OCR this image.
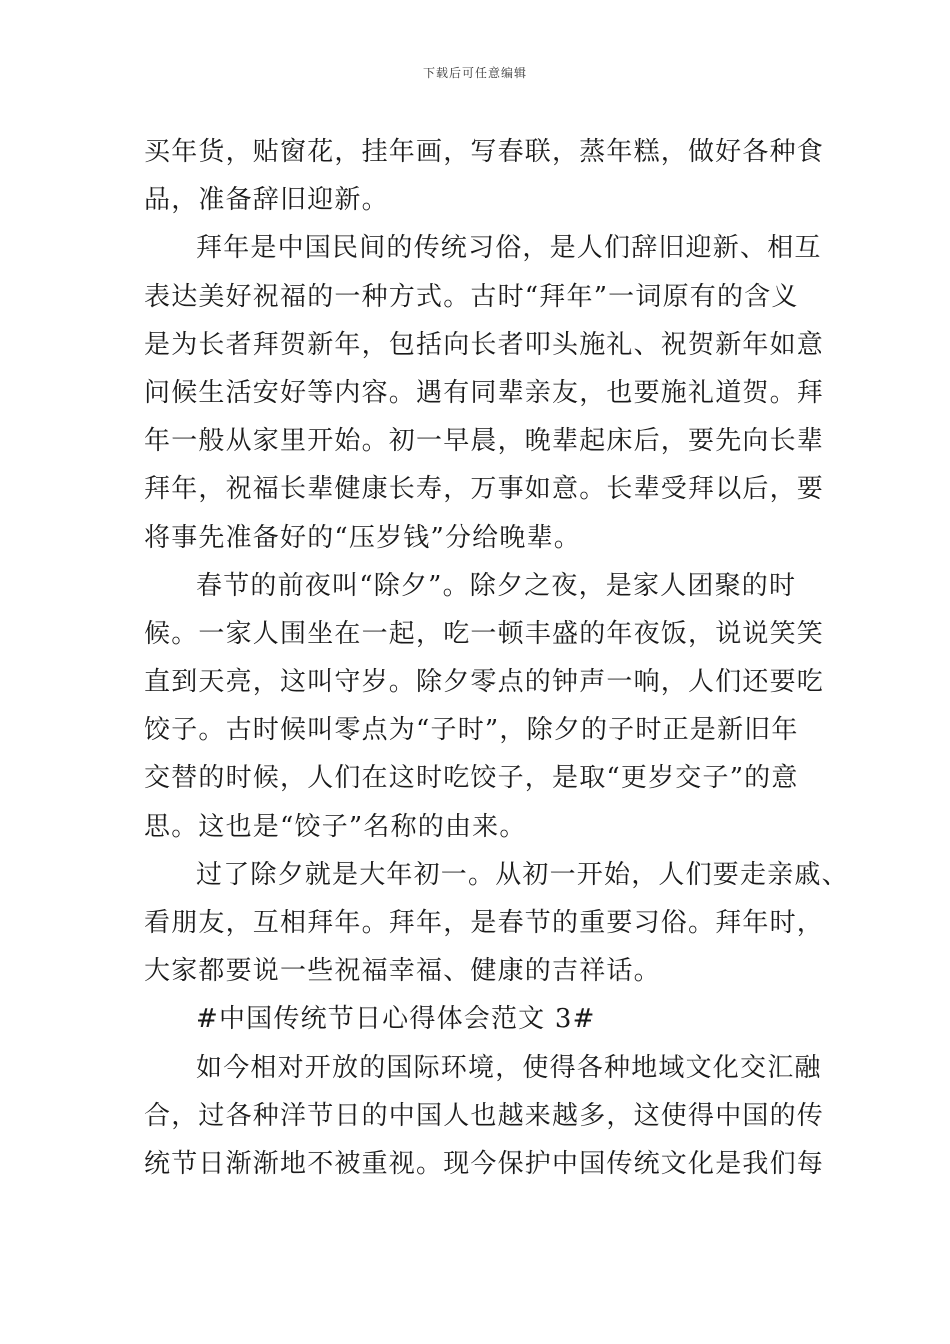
下载后可任意编辑
买年货，贴窗花，挂年画，写春联，蒸年糕，做好各种食
品，准备辞旧迎新。
拜年是中国民间的传统习俗，是人们辞旧迎新、相互
表达美好祝福的一种方式。古时“拜年”一词原有的含义
是为长者拜贺新年，包括向长者叩头施礼、祝贺新年如意
问候生活安好等内容。遇有同辈亲友，也要施礼道贺。拜
年一般从家里开始。初一早晨，晚辈起床后，要先向长辈
拜年，祝福长辈健康长寿，万事如意。长辈受拜以后，要
将事先准备好的“压岁钱”分给晚辈。
春节的前夜叫“除夕”。除夕之夜，是家人团聚的时
候。一家人围坐在一起，吃一顿丰盛的年夜饭，说说笑笑
直到天亮，这叫守岁。除夕零点的钟声一响，人们还要吃
饺子。古时候叫零点为“子时”，除夕的子时正是新旧年
交替的时候，人们在这时吃饺子，是取“更岁交子”的意
思。这也是“饺子”名称的由来。
过了除夕就是大年初一。从初一开始，人们要走亲戚、
看朋友，互相拜年。拜年，是春节的重要习俗。拜年时，
大家都要说一些祝福幸福、健康的吉祥话。
#中国传统节日心得体会范文 3#
如今相对开放的国际环境，使得各种地域文化交汇融
合，过各种洋节日的中国人也越来越多，这使得中国的传
统节日渐渐地不被重视。现今保护中国传统文化是我们每
